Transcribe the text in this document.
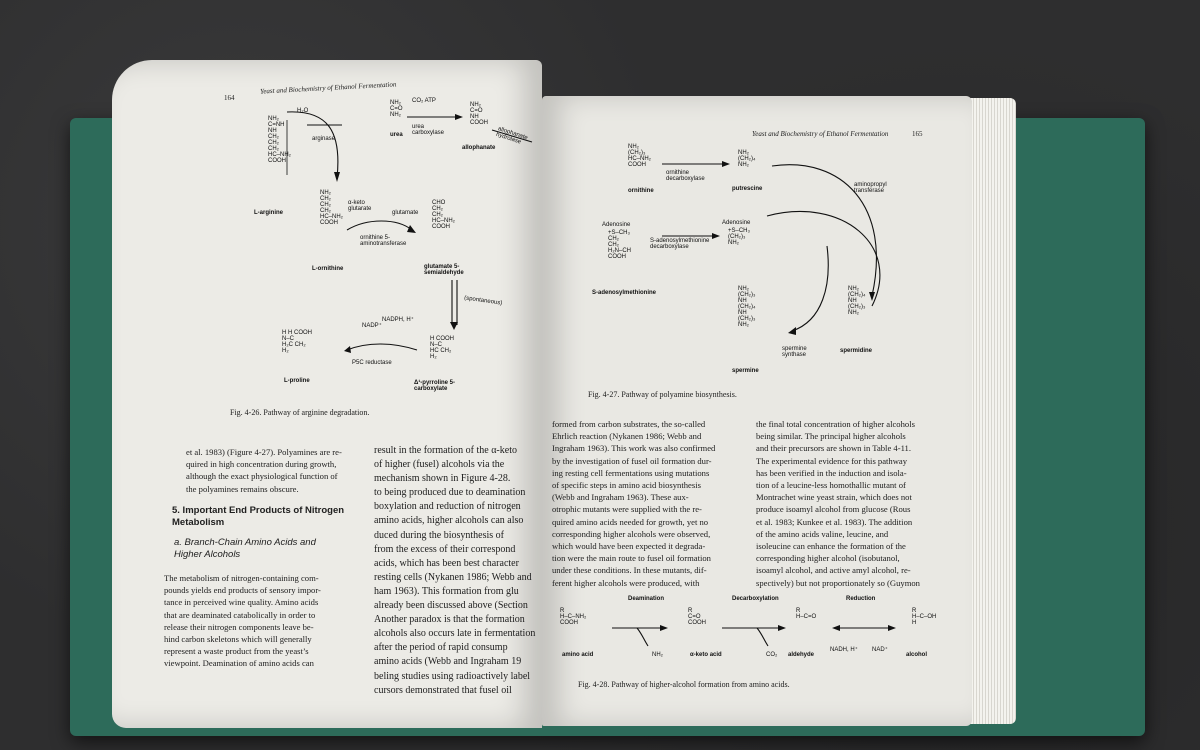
164
Yeast and Biochemistry of Ethanol Fermentation
NH₂
C=NH
NH
CH₂
CH₂
CH₂
HC–NH₂
COOH
L-arginine
H₂O
arginase
NH₂
C=O
NH₂
urea
CO₂ ATP
urea carboxylase
NH₂
C=O
NH
COOH
allophanate
allophanate hydrolase
NH₂
CH₂
CH₂
CH₂
HC–NH₂
COOH
L-ornithine
α-keto glutarate
glutamate
ornithine 5-aminotransferase
CHO
CH₂
CH₂
HC–NH₂
COOH
glutamate 5-semialdehyde
(spontaneous)
NADP⁺
NADPH, H⁺
P5C reductase
H H COOH
N–C
H₂C CH₂
H₂
L-proline
H COOH
N–C
HC CH₂
H₂
Δ¹-pyrroline 5-carboxylate
Fig. 4-26. Pathway of arginine degradation.
et al. 1983) (Figure 4-27). Polyamines are re-
quired in high concentration during growth,
although the exact physiological function of
the polyamines remains obscure.
5. Important End Products of Nitrogen Metabolism
a. Branch-Chain Amino Acids and Higher Alcohols
The metabolism of nitrogen-containing com-
pounds yields end products of sensory impor-
tance in perceived wine quality. Amino acids
that are deaminated catabolically in order to
release their nitrogen components leave be-
hind carbon skeletons which will generally
represent a waste product from the yeast’s
viewpoint. Deamination of amino acids can
result in the formation of the α-keto
of higher (fusel) alcohols via the
mechanism shown in Figure 4-28.
to being produced due to deamination
boxylation and reduction of nitrogen
amino acids, higher alcohols can also
duced during the biosynthesis of
from the excess of their correspond
acids, which has been best character
resting cells (Nykanen 1986; Webb and
ham 1963). This formation from glu
already been discussed above (Section
Another paradox is that the formation
alcohols also occurs late in fermentation
after the period of rapid consump
amino acids (Webb and Ingraham 19
beling studies using radioactively label
cursors demonstrated that fusel oil
Yeast and Biochemistry of Ethanol Fermentation	165
NH₂
(CH₂)₃
HC–NH₂
COOH
ornithine
ornithine decarboxylase
NH₂
(CH₂)₄
NH₂
putrescine
aminopropyl transferase
Adenosine
+S–CH₃
CH₂
CH₂
H₂N–CH
COOH
S-adenosylmethionine
S-adenosylmethionine decarboxylase
Adenosine
+S–CH₃
(CH₂)₃
NH₂
NH₂
(CH₂)₃
NH
(CH₂)₄
NH
(CH₂)₃
NH₂
spermine
spermine synthase
NH₂
(CH₂)₄
NH
(CH₂)₃
NH₂
spermidine
Fig. 4-27. Pathway of polyamine biosynthesis.
formed from carbon substrates, the so-called
Ehrlich reaction (Nykanen 1986; Webb and
Ingraham 1963). This work was also confirmed
by the investigation of fusel oil formation dur-
ing resting cell fermentations using mutations
of specific steps in amino acid biosynthesis
(Webb and Ingraham 1963). These aux-
otrophic mutants were supplied with the re-
quired amino acids needed for growth, yet no
corresponding higher alcohols were observed,
which would have been expected it degrada-
tion were the main route to fusel oil formation
under these conditions. In these mutants, dif-
ferent higher alcohols were produced, with
the final total concentration of higher alcohols
being similar. The principal higher alcohols
and their precursors are shown in Table 4-11.
The experimental evidence for this pathway
has been verified in the induction and isola-
tion of a leucine-less homothallic mutant of
Montrachet wine yeast strain, which does not
produce isoamyl alcohol from glucose (Rous
et al. 1983; Kunkee et al. 1983). The addition
of the amino acids valine, leucine, and
isoleucine can enhance the formation of the
corresponding higher alcohol (isobutanol,
isoamyl alcohol, and active amyl alcohol, re-
spectively) but not proportionately so (Guymon
Deamination	Decarboxylation	Reduction
R
H–C–NH₂
COOH
R
C=O
COOH
R
H–C=O
R
H–C–OH
H
amino acid	α-keto acid	aldehyde	alcohol
NH₂	CO₂
NADH, H⁺	NAD⁺
Fig. 4-28. Pathway of higher-alcohol formation from amino acids.
